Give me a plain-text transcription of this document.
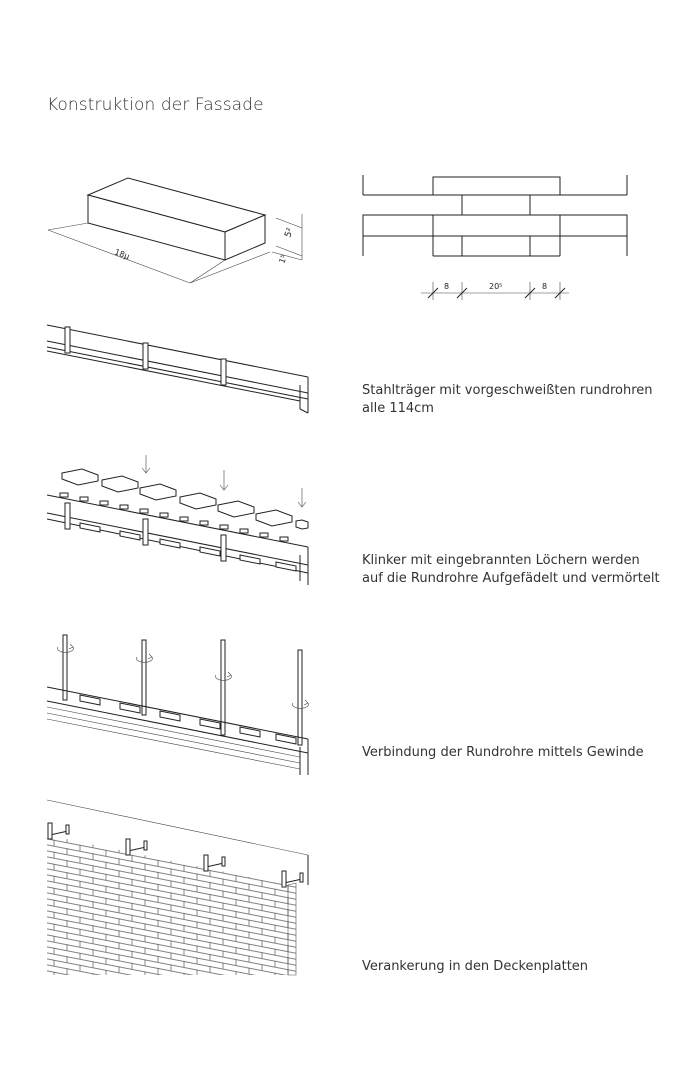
Konstruktion der Fassade
18µ
5²
1⁵
8	20⁵	8
Stahlträger mit vorgeschweißten rundrohren
alle 114cm
Klinker mit eingebrannten Löchern werden
auf die Rundrohre Aufgefädelt und vermörtelt
Verbindung der Rundrohre mittels Gewinde
Verankerung in den Deckenplatten
